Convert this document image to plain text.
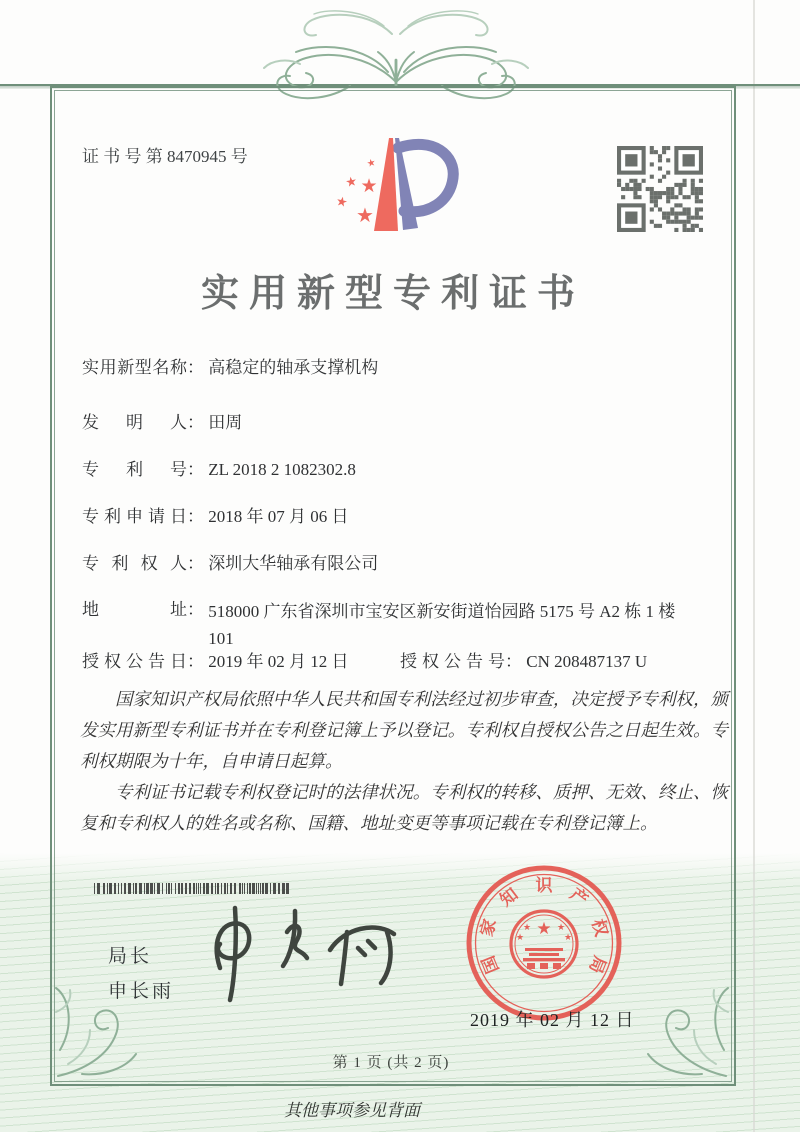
证 书 号 第 8470945 号	★
★ ★
★
★
实用新型专利证书
实用新型名称： 高稳定的轴承支撑机构
发明人： 田周
专利号： ZL 2018 2 1082302.8
专利申请日： 2018 年 07 月 06 日
专利权人： 深圳大华轴承有限公司
地址： 518000 广东省深圳市宝安区新安街道怡园路 5175 号 A2 栋 1 楼 101
授权公告日： 2019 年 02 月 12 日	授权公告号： CN 208487137 U

国家知识产权局依照中华人民共和国专利法经过初步审查，决定授予专利权，颁发实用新型专利证书并在专利登记簿上予以登记。专利权自授权公告之日起生效。专利权期限为十年，自申请日起算。

专利证书记载专利权登记时的法律状况。专利权的转移、质押、无效、终止、恢复和专利权人的姓名或名称、国籍、地址变更等事项记载在专利登记簿上。

局长
申长雨
★
★
★
★
★
国
家
知 识 产
权
局
2019 年 02 月 12 日
第 1 页 (共 2 页)
其他事项参见背面
